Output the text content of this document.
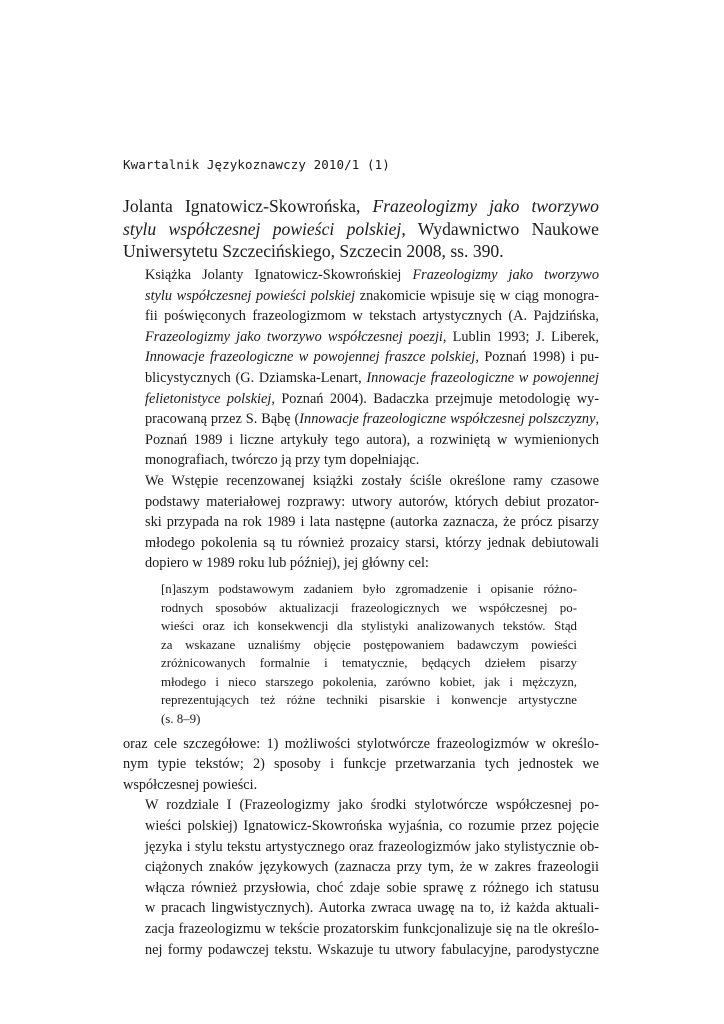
Kwartalnik Językoznawczy 2010/1 (1)
Jolanta Ignatowicz-Skowrońska, Frazeologizmy jako tworzywo
stylu współczesnej powieści polskiej, Wydawnictwo Naukowe
Uniwersytetu Szczecińskiego, Szczecin 2008, ss. 390.

Książka Jolanty Ignatowicz-Skowrońskiej Frazeologizmy jako tworzywo
stylu współczesnej powieści polskiej znakomicie wpisuje się w ciąg monogra-
fii poświęconych frazeologizmom w tekstach artystycznych (A. Pajdzińska,
Frazeologizmy jako tworzywo współczesnej poezji, Lublin 1993; J. Liberek,
Innowacje frazeologiczne w powojennej fraszce polskiej, Poznań 1998) i pu-
blicystycznych (G. Dziamska-Lenart, Innowacje frazeologiczne w powojennej
felietonistyce polskiej, Poznań 2004). Badaczka przejmuje metodologię wy-
pracowaną przez S. Bąbę (Innowacje frazeologiczne współczesnej polszczyzny,
Poznań 1989 i liczne artykuły tego autora), a rozwiniętą w wymienionych
monografiach, twórczo ją przy tym dopełniając.

We Wstępie recenzowanej książki zostały ściśle określone ramy czasowe
podstawy materiałowej rozprawy: utwory autorów, których debiut prozator-
ski przypada na rok 1989 i lata następne (autorka zaznacza, że prócz pisarzy
młodego pokolenia są tu również prozaicy starsi, którzy jednak debiutowali
dopiero w 1989 roku lub później), jej główny cel:

[n]aszym podstawowym zadaniem było zgromadzenie i opisanie różno-
rodnych sposobów aktualizacji frazeologicznych we współczesnej po-
wieści oraz ich konsekwencji dla stylistyki analizowanych tekstów. Stąd
za wskazane uznaliśmy objęcie postępowaniem badawczym powieści
zróżnicowanych formalnie i tematycznie, będących dziełem pisarzy
młodego i nieco starszego pokolenia, zarówno kobiet, jak i mężczyzn,
reprezentujących też różne techniki pisarskie i konwencje artystyczne
(s. 8–9)

oraz cele szczegółowe: 1) możliwości stylotwórcze frazeologizmów w określo-
nym typie tekstów; 2) sposoby i funkcje przetwarzania tych jednostek we
współczesnej powieści.

W rozdziale I (Frazeologizmy jako środki stylotwórcze współczesnej po-
wieści polskiej) Ignatowicz-Skowrońska wyjaśnia, co rozumie przez pojęcie
języka i stylu tekstu artystycznego oraz frazeologizmów jako stylistycznie ob-
ciążonych znaków językowych (zaznacza przy tym, że w zakres frazeologii
włącza również przysłowia, choć zdaje sobie sprawę z różnego ich statusu
w pracach lingwistycznych). Autorka zwraca uwagę na to, iż każda aktuali-
zacja frazeologizmu w tekście prozatorskim funkcjonalizuje się na tle określo-
nej formy podawczej tekstu. Wskazuje tu utwory fabulacyjne, parodystyczne
